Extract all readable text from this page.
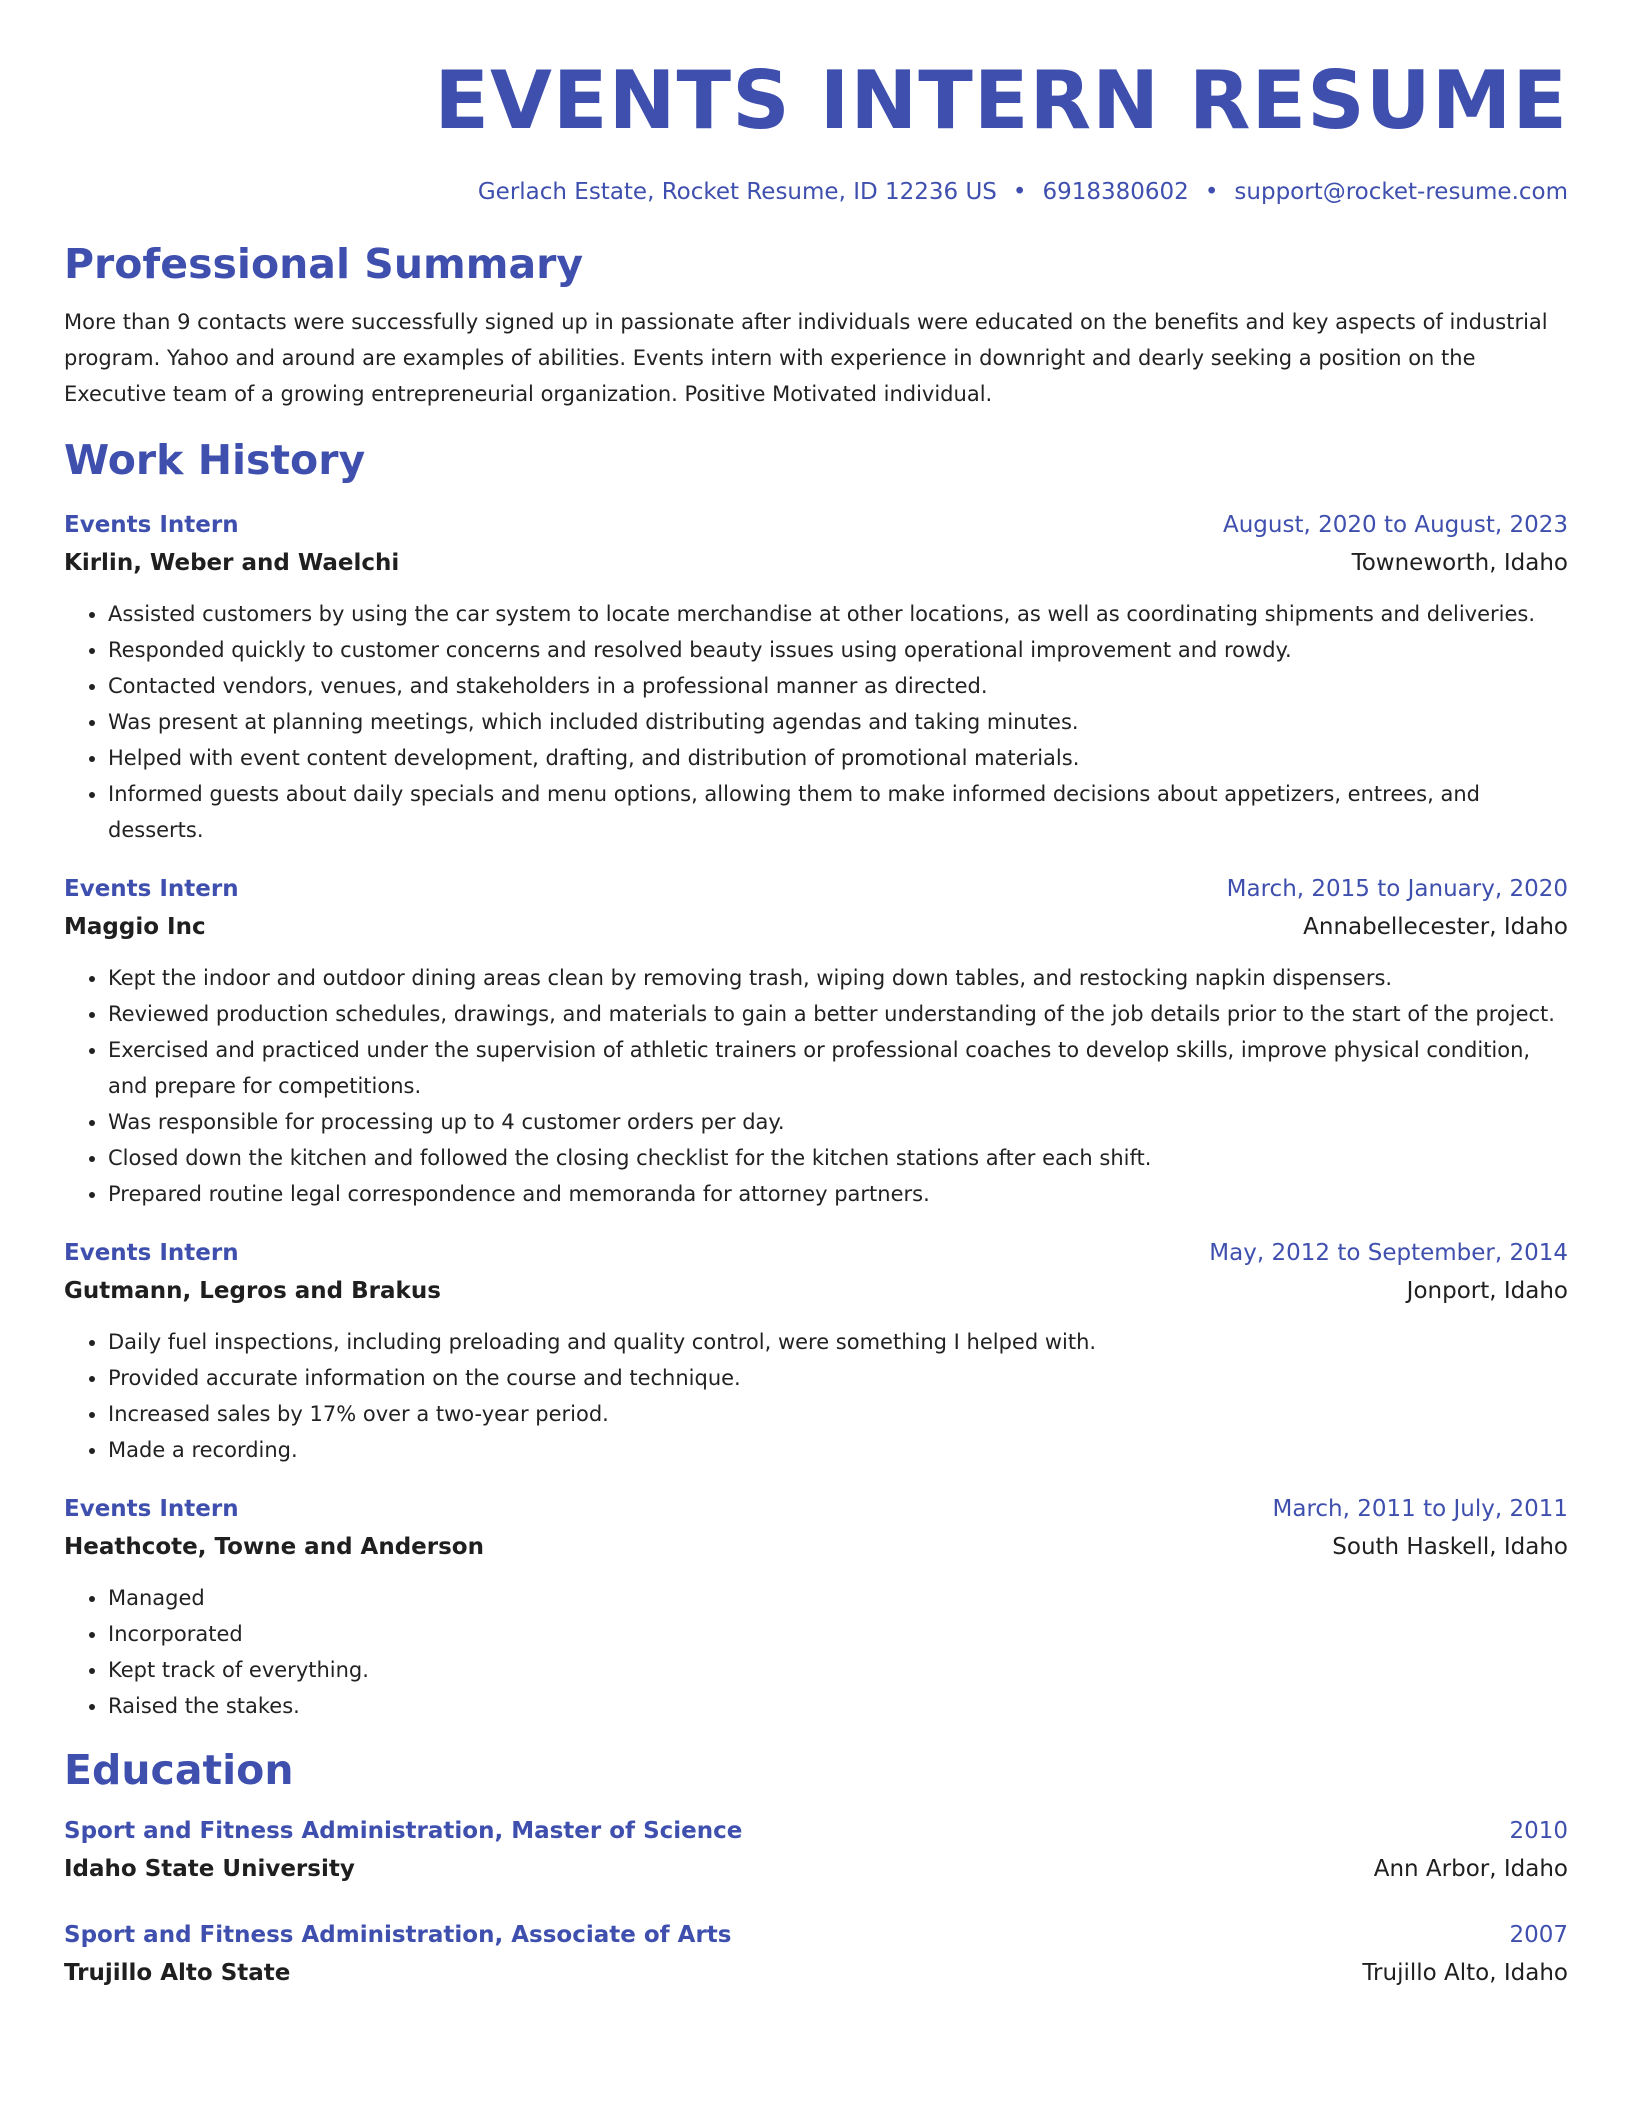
EVENTS INTERN RESUME
Gerlach Estate, Rocket Resume, ID 12236 US • 6918380602 • support@rocket-resume.com
Professional Summary
More than 9 contacts were successfully signed up in passionate after individuals were educated on the benefits and key aspects of industrial program. Yahoo and around are examples of abilities. Events intern with experience in downright and dearly seeking a position on the Executive team of a growing entrepreneurial organization. Positive Motivated individual.
Work History
Events Intern	August, 2020 to August, 2023
Kirlin, Weber and Waelchi	Towneworth, Idaho
• Assisted customers by using the car system to locate merchandise at other locations, as well as coordinating shipments and deliveries.
• Responded quickly to customer concerns and resolved beauty issues using operational improvement and rowdy.
• Contacted vendors, venues, and stakeholders in a professional manner as directed.
• Was present at planning meetings, which included distributing agendas and taking minutes.
• Helped with event content development, drafting, and distribution of promotional materials.
• Informed guests about daily specials and menu options, allowing them to make informed decisions about appetizers, entrees, and desserts.
Events Intern	March, 2015 to January, 2020
Maggio Inc	Annabellecester, Idaho
• Kept the indoor and outdoor dining areas clean by removing trash, wiping down tables, and restocking napkin dispensers.
• Reviewed production schedules, drawings, and materials to gain a better understanding of the job details prior to the start of the project.
• Exercised and practiced under the supervision of athletic trainers or professional coaches to develop skills, improve physical condition, and prepare for competitions.
• Was responsible for processing up to 4 customer orders per day.
• Closed down the kitchen and followed the closing checklist for the kitchen stations after each shift.
• Prepared routine legal correspondence and memoranda for attorney partners.
Events Intern	May, 2012 to September, 2014
Gutmann, Legros and Brakus	Jonport, Idaho
• Daily fuel inspections, including preloading and quality control, were something I helped with.
• Provided accurate information on the course and technique.
• Increased sales by 17% over a two-year period.
• Made a recording.
Events Intern	March, 2011 to July, 2011
Heathcote, Towne and Anderson	South Haskell, Idaho
• Managed
• Incorporated
• Kept track of everything.
• Raised the stakes.
Education
Sport and Fitness Administration, Master of Science	2010
Idaho State University	Ann Arbor, Idaho
Sport and Fitness Administration, Associate of Arts	2007
Trujillo Alto State	Trujillo Alto, Idaho
